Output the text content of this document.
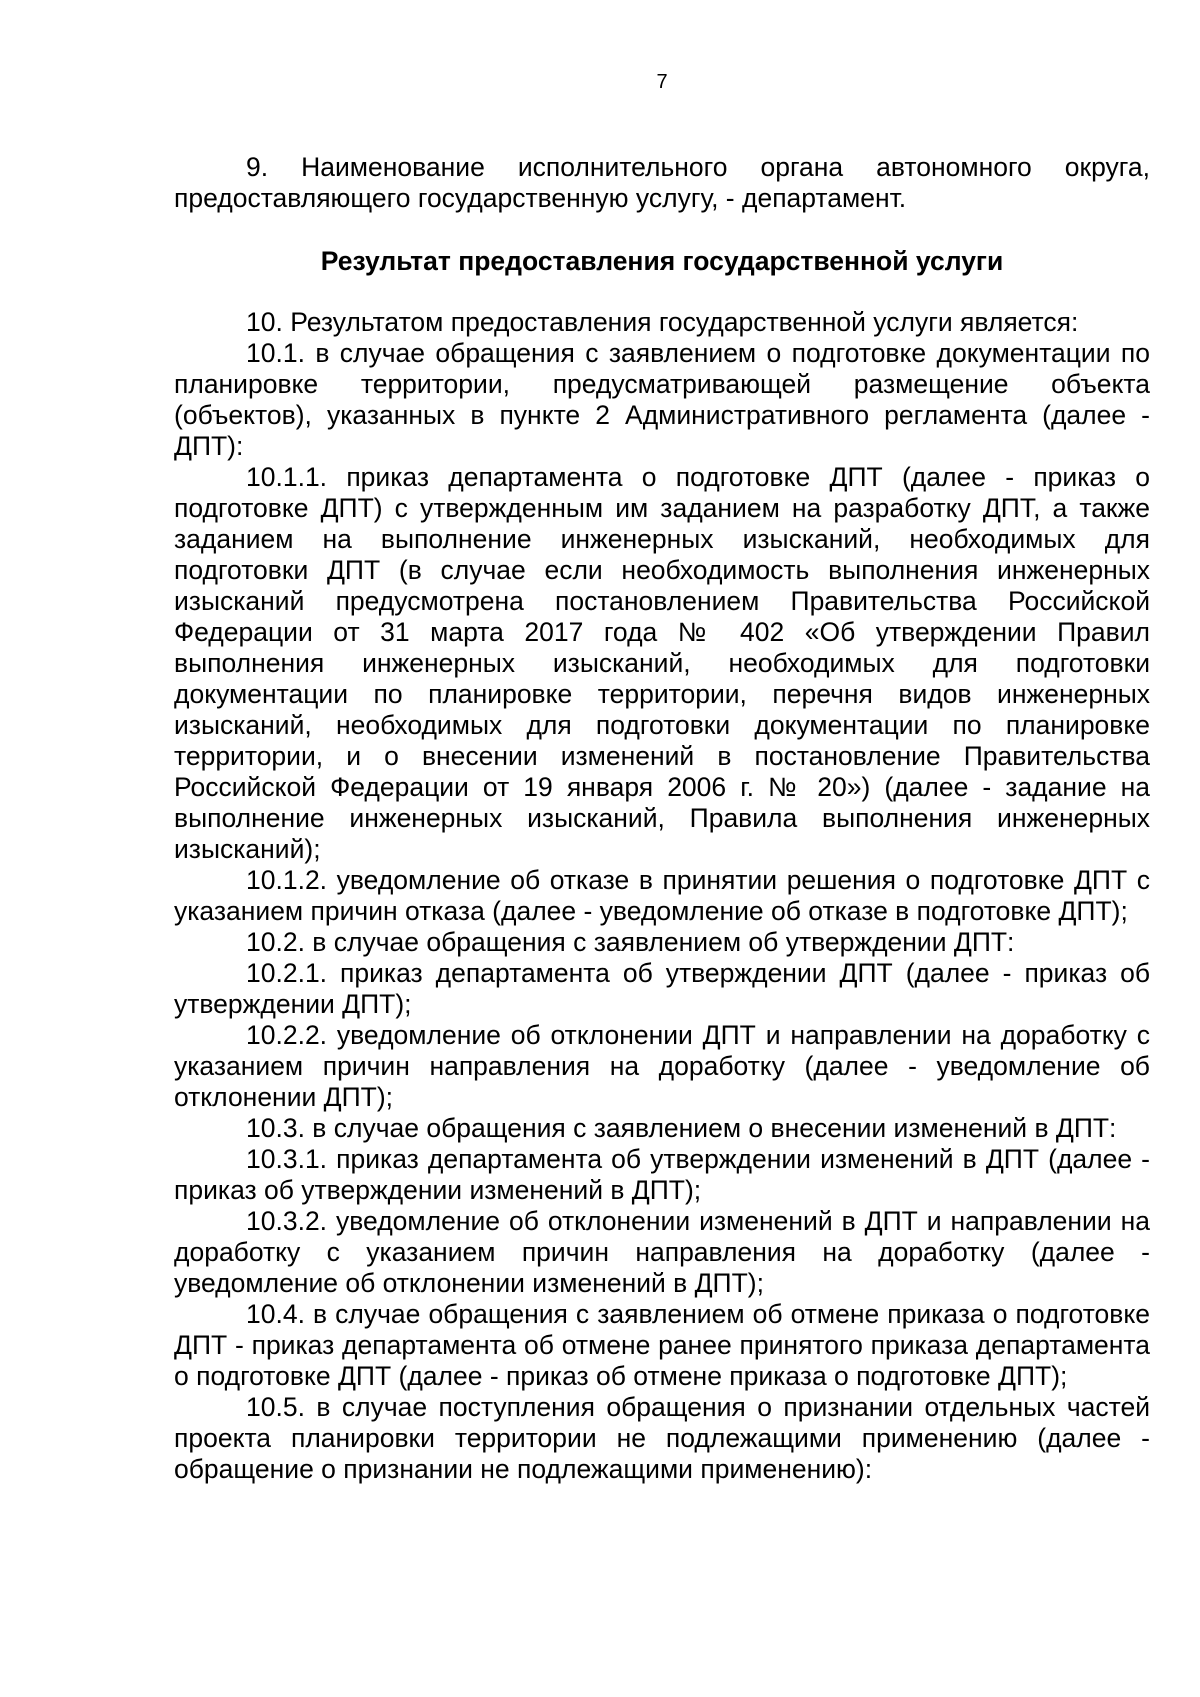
7

9. Наименование исполнительного органа автономного округа, предоставляющего государственную услугу, - департамент.

Результат предоставления государственной услуги

10. Результатом предоставления государственной услуги является:

10.1. в случае обращения с заявлением о подготовке документации по планировке территории, предусматривающей размещение объекта (объектов), указанных в пункте 2 Административного регламента (далее - ДПТ):

10.1.1. приказ департамента о подготовке ДПТ (далее - приказ о подготовке ДПТ) с утвержденным им заданием на разработку ДПТ, а также заданием на выполнение инженерных изысканий, необходимых для подготовки ДПТ (в случае если необходимость выполнения инженерных изысканий предусмотрена постановлением Правительства Российской Федерации от 31 марта 2017 года № 402 «Об утверждении Правил выполнения инженерных изысканий, необходимых для подготовки документации по планировке территории, перечня видов инженерных изысканий, необходимых для подготовки документации по планировке территории, и о внесении изменений в постановление Правительства Российской Федерации от 19 января 2006 г. № 20») (далее - задание на выполнение инженерных изысканий, Правила выполнения инженерных изысканий);

10.1.2. уведомление об отказе в принятии решения о подготовке ДПТ с указанием причин отказа (далее - уведомление об отказе в подготовке ДПТ);

10.2. в случае обращения с заявлением об утверждении ДПТ:

10.2.1. приказ департамента об утверждении ДПТ (далее - приказ об утверждении ДПТ);

10.2.2. уведомление об отклонении ДПТ и направлении на доработку с указанием причин направления на доработку (далее - уведомление об отклонении ДПТ);

10.3. в случае обращения с заявлением о внесении изменений в ДПТ:

10.3.1. приказ департамента об утверждении изменений в ДПТ (далее - приказ об утверждении изменений в ДПТ);

10.3.2. уведомление об отклонении изменений в ДПТ и направлении на доработку с указанием причин направления на доработку (далее - уведомление об отклонении изменений в ДПТ);

10.4. в случае обращения с заявлением об отмене приказа о подготовке ДПТ - приказ департамента об отмене ранее принятого приказа департамента о подготовке ДПТ (далее - приказ об отмене приказа о подготовке ДПТ);

10.5. в случае поступления обращения о признании отдельных частей проекта планировки территории не подлежащими применению (далее - обращение о признании не подлежащими применению):
